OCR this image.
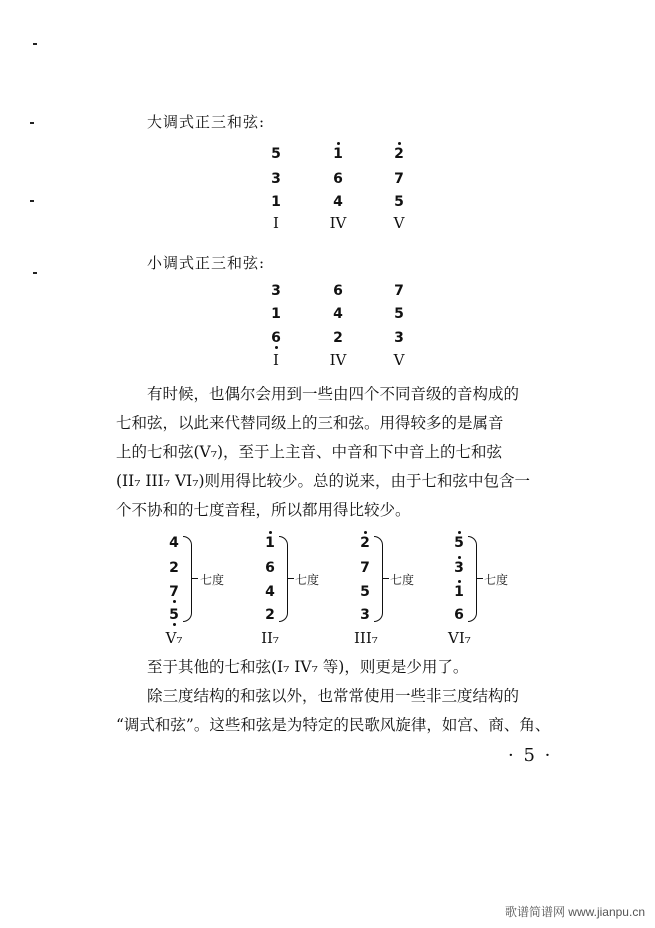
大调式正三和弦:
5
3
1
I
1
6
4
IV
2
7
5
V
小调式正三和弦:
3
1
6
I
6
4
2
IV
7
5
3
V
有时候，也偶尔会用到一些由四个不同音级的音构成的
七和弦，以此来代替同级上的三和弦。用得较多的是属音
上的七和弦(V₇)，至于上主音、中音和下中音上的七和弦
(II₇ III₇ VI₇)则用得比较少。总的说来，由于七和弦中包含一
个不协和的七度音程，所以都用得比较少。
4
2
7
5
七度
V₇
1
6
4
2
七度
II₇
2
7
5
3
七度
III₇
5
3
1
6
七度
VI₇
至于其他的七和弦(I₇ IV₇ 等)，则更是少用了。
除三度结构的和弦以外，也常常使用一些非三度结构的
“调式和弦”。这些和弦是为特定的民歌风旋律，如宫、商、角、
· 5 ·
歌谱简谱网 www.jianpu.cn
